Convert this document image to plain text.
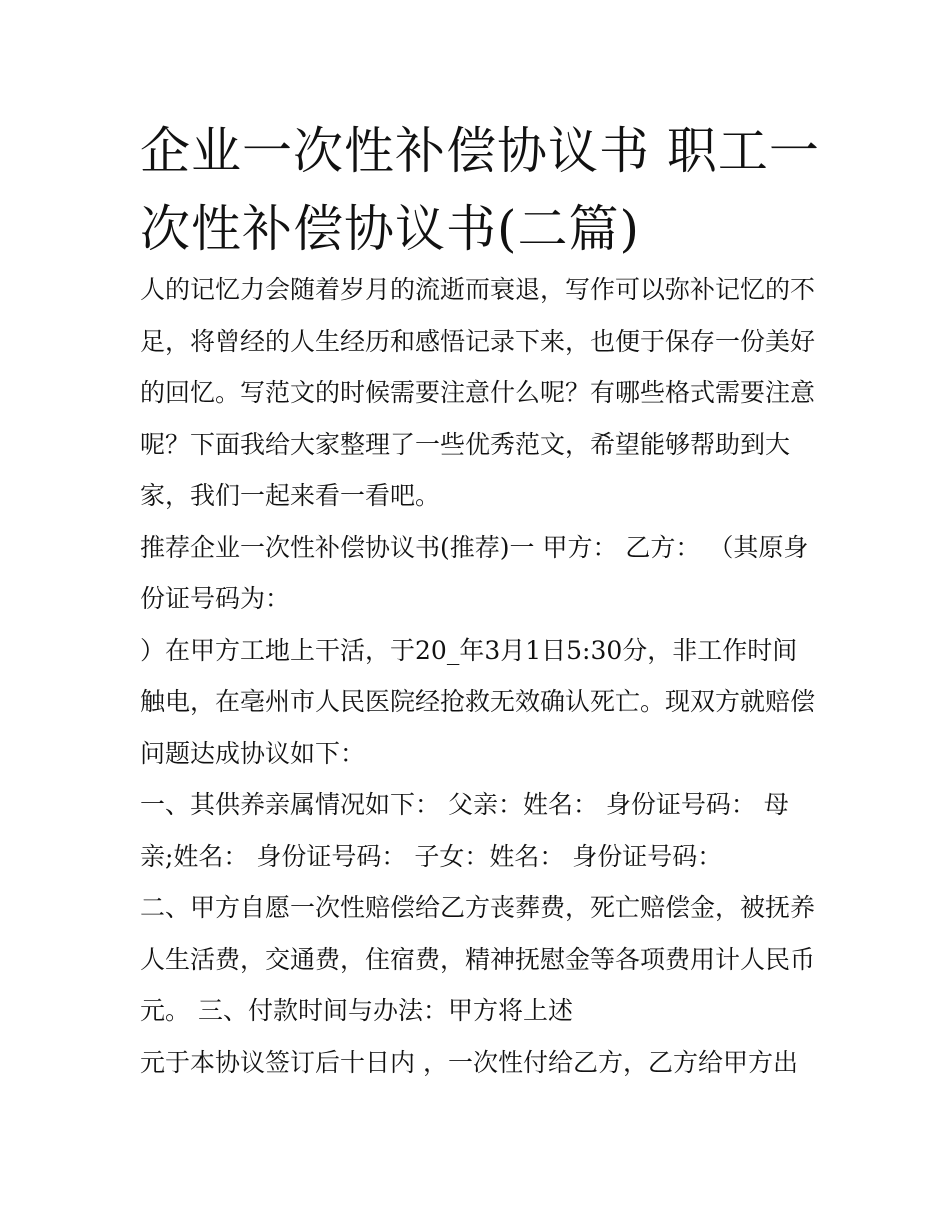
企业一次性补偿协议书 职工一次性补偿协议书(二篇)

人的记忆力会随着岁月的流逝而衰退，写作可以弥补记忆的不足，将曾经的人生经历和感悟记录下来，也便于保存一份美好的回忆。写范文的时候需要注意什么呢？有哪些格式需要注意呢？下面我给大家整理了一些优秀范文，希望能够帮助到大家，我们一起来看一看吧。

推荐企业一次性补偿协议书(推荐)一 甲方： 乙方： （其原身份证号码为：

）在甲方工地上干活，于20_年3月1日5:30分，非工作时间触电，在亳州市人民医院经抢救无效确认死亡。现双方就赔偿问题达成协议如下：

一、其供养亲属情况如下： 父亲：姓名： 身份证号码： 母亲;姓名： 身份证号码： 子女：姓名： 身份证号码：

二、甲方自愿一次性赔偿给乙方丧葬费，死亡赔偿金，被抚养人生活费，交通费，住宿费，精神抚慰金等各项费用计人民币元。 三、付款时间与办法：甲方将上述

元于本协议签订后十日内 ，一次性付给乙方，乙方给甲方出
